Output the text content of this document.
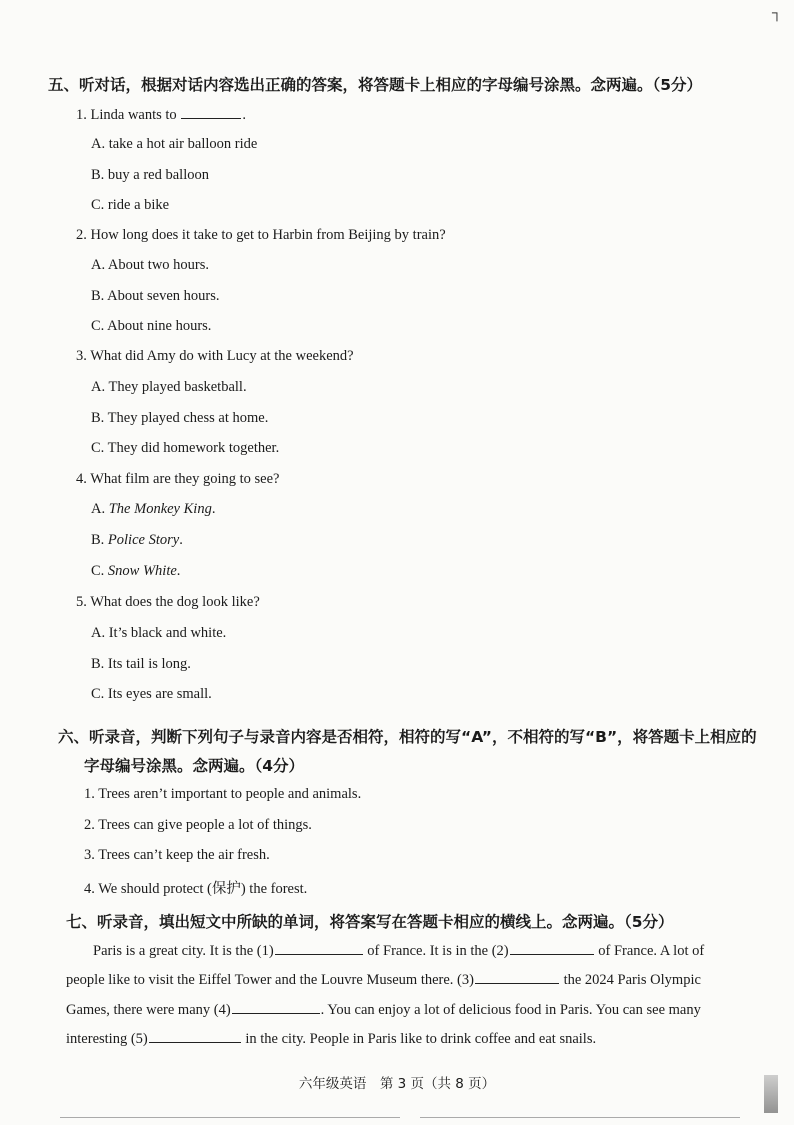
┐
五、听对话，根据对话内容选出正确的答案，将答题卡上相应的字母编号涂黑。念两遍。（5分）
1. Linda wants to	.
A. take a hot air balloon ride
B. buy a red balloon
C. ride a bike
2. How long does it take to get to Harbin from Beijing by train?
A. About two hours.
B. About seven hours.
C. About nine hours.
3. What did Amy do with Lucy at the weekend?
A. They played basketball.
B. They played chess at home.
C. They did homework together.
4. What film are they going to see?
A. The Monkey King.
B. Police Story.
C. Snow White.
5. What does the dog look like?
A. It’s black and white.
B. Its tail is long.
C. Its eyes are small.
六、听录音，判断下列句子与录音内容是否相符，相符的写“A”，不相符的写“B”，将答题卡上相应的
字母编号涂黑。念两遍。（4分）
1. Trees aren’t important to people and animals.
2. Trees can give people a lot of things.
3. Trees can’t keep the air fresh.
4. We should protect (保护) the forest.
七、听录音，填出短文中所缺的单词，将答案写在答题卡相应的横线上。念两遍。（5分）
Paris is a great city. It is the (1)	of France. It is in the (2)	of France. A lot of
people like to visit the Eiffel Tower and the Louvre Museum there. (3)	the 2024 Paris Olympic
Games, there were many (4)	. You can enjoy a lot of delicious food in Paris. You can see many
interesting (5)	in the city. People in Paris like to drink coffee and eat snails.
六年级英语　第 3 页（共 8 页）
